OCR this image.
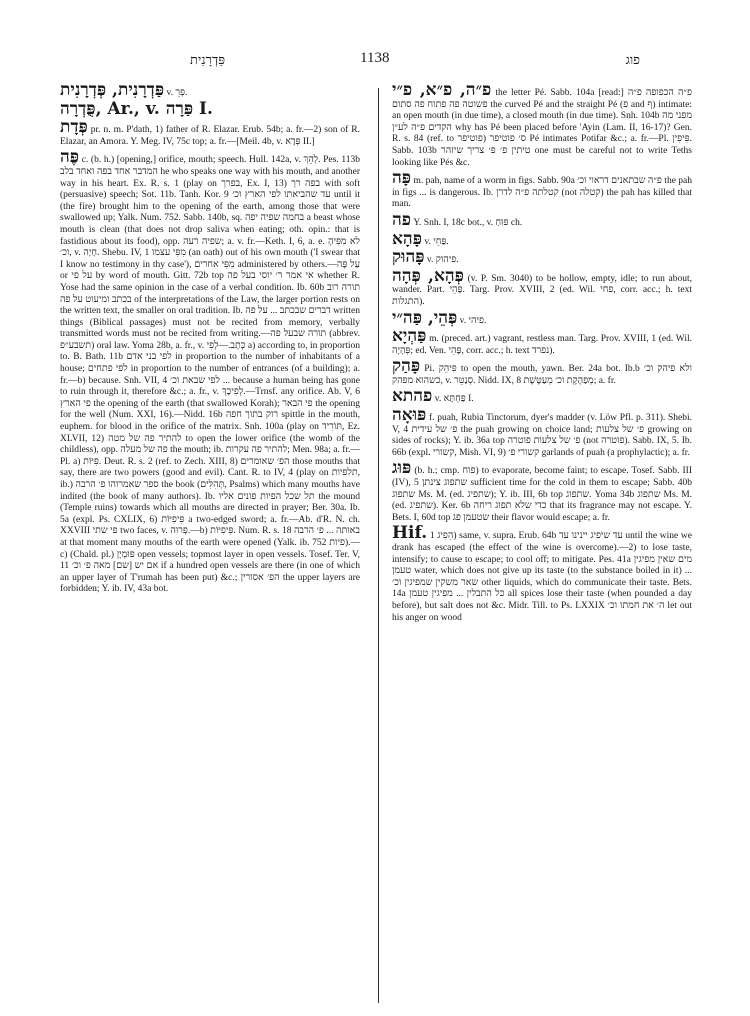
פַּדְרָנִית	1138	פוג
פַּדְרָנִית, פְּדְרָנִית v. פְּרֵ.
פֻּדְרָה, Ar., v. פַּרָה I.
פְּדָת pr. n. m. P'dath, 1) father of R. Elazar. Erub. 54b; a. fr.—2) son of R. Elazar, an Amora. Y. Meg. IV, 75c top; a. fr.—[Meil. 4b, v. פְּדָא II.]
פֶּה c. (b. h.) [opening,] orifice, mouth; speech. Hull. 142a, v. לְהֵךְ. Pes. 113b המדבר אחד בפה ואחד בלב he who speaks one way with his mouth, and another way in his heart. Ex. R. s. 1 (play on בפרך, Ex. I, 13) בפה רך with soft (persuasive) speech; Sot. 11b. Tanh. Kor. 9 עד שהביאתו לפי הארץ וכ׳ until it (the fire) brought him to the opening of the earth, among those that were swallowed up; Yalk. Num. 752. Sabb. 140b, sq. בחמה שפיה יפה a beast whose mouth is clean (that does not drop saliva when eating; oth. opin.: that is fastidious about its food), opp. שפיה רעה; a. v. fr.—Keth. I, 6, a. e. לא מִפִּיהָ וכ׳, v. חָיָה. Shebu. IV, 1 מִפִּי עצמו (an oath) out of his own mouth ('I swear that I know no testimony in thy case'), מִפִּי אחרים administered by others.—עַל פֶּה or על פי by word of mouth. Gitt. 72b top אי אמר ר׳ יוסי בעל פה whether R. Yose had the same opinion in the case of a verbal condition. Ib. 60b תורה רוב בכתב ומיעוט על פה of the interpretations of the Law, the larger portion rests on the written text, the smaller on oral tradition. Ib. דברים שבכתב ... על פה written things (Biblical passages) must not be recited from memory, verbally transmitted words must not be recited from writing.—תורה שבעל פה (abbrev. תשבע״פ) oral law. Yoma 28b, a. fr., v. כְּתָב.—לְפִי a) according to, in proportion to. B. Bath. 11b לפי בני אדם in proportion to the number of inhabitants of a house; לפי פתחים in proportion to the number of entrances (of a building); a. fr.—b) because. Snh. VII, 4 לפי שבאת וכ׳ ... because a human being has gone to ruin through it, therefore &c.; a. fr., v. לְפִיכָךְ.—Trnsf. any orifice. Ab. V, 6 פי הארץ the opening of the earth (that swallowed Korah); פי הבאר the opening for the well (Num. XXI, 16).—Nidd. 16b רוק בתוך חפה spittle in the mouth, euphem. for blood in the orifice of the matrix. Snh. 100a (play on תּוֹרִיד, Ez. XLVII, 12) להתיר פה של מטה to open the lower orifice (the womb of the childless), opp. פה של מעלה the mouth; ib. להתיר פה עקרות; Men. 98a; a. fr.—Pl. a) פִּיּוֹת. Deut. R. s. 2 (ref. to Zech. XIII, 8) הפ׳ שאומרים those mouths that say, there are two powers (good and evil). Cant. R. to IV, 4 (play on תלפיות, ib.) ספר שאמרוהו פ׳ הרבה the book (תְּהִלִּים, Psalms) which many mouths have indited (the book of many authors). Ib. תל שכל הפיות פונים אליו the mound (Temple ruins) towards which all mouths are directed in prayer; Ber. 30a. Ib. 5a (expl. Ps. CXLIX, 6) פִּיפִיּוֹת a two-edged sword; a. fr.—Ab. d'R. N. ch. XXVIII פי שתי two faces, v. פְּרוּה.—b) פִּיפִיּוֹת. Num. R. s. 18 באותה ... פ׳ הרבה at that moment many mouths of the earth were opened (Yalk. ib. 752 פיות).—c) (Chald. pl.) פּוּמְיָן open vessels; topmost layer in open vessels. Tosef. Ter. V, 11 אם יש [שם] מאה פ׳ וכ׳ if a hundred open vessels are there (in one of which an upper layer of T'rumah has been put) &c.; הפ׳ אסורין the upper layers are forbidden; Y. ib. IV, 43a bot.
פ״ה, פ״א, פ״י the letter Pé. Sabb. 104a [read:] פ״ה הכפופה פ״ה פשוטה פה פתוח פה סתום the curved Pé and the straight Pé (פ and ף) intimate: an open mouth (in due time), a closed mouth (in due time). Snh. 104b מפני מה הקדים פ״ה לע״ן why has Pé been placed before 'Ayin (Lam. II, 16-17)? Gen. R. s. 84 (ref. to פוטיפר) ס׳ פוטיפר Pé intimates Potifar &c.; a. fr.—Pl. פִּיפִין. Sabb. 103b טיתין פ׳ פּ׳ צריך שיזהר one must be careful not to write Teths looking like Pés &c.
פָּה m. pah, name of a worm in figs. Sabb. 90a פ״ה שבתאנים דראוי וכ׳ the pah in figs ... is dangerous. Ib. קטלתה פ״ה לדרן (not קטלה) the pah has killed that man.
פה Y. Snh. I, 18c bot., v. פּוּחַ ch.
פָּהָא v. פַּחֵי.
פָּהוּק v. פיהוק.
פְּהָא, פְּהָה (v. P. Sm. 3040) to be hollow, empty, idle; to run about, wander. Part. פָּהֵי. Targ. Prov. XVIII, 2 (ed. Wil. פחי, corr. acc.; h. text התגלות).
פְּהֵי, פַּה״י v. פיהי.
פַּהְיָא m. (preced. art.) vagrant, restless man. Targ. Prov. XVIII, 1 (ed. Wil. פְּהָיָה; ed. Ven. פָּהֵי, corr. acc.; h. text נפרד).
פָּהַק Pi. פִּיהֵק to open the mouth, yawn. Ber. 24a bot. Ib.b ולא פיהק וכ׳ כשהוא מפהק, v. סְנַטֵּר. Nidd. IX, 8 מְפַהֶקֶת וכ׳ מְעַטֶּשֶׁת; a. fr.
פהתא v. פַּחְתָּא I.
פּוּאָה f. puah, Rubia Tinctorum, dyer's madder (v. Löw Pfl. p. 311). Shebi. V, 4 פ׳ של עידית the puah growing on choice land; פ׳ של צלעות growing on sides of rocks); Y. ib. 36a top פ׳ של צלעות פוטרה (not פוטרה). Sabb. IX, 5. Ib. 66b (expl. קשורי, Mish. VI, 9) קשורי פ׳ garlands of puah (a prophylactic); a. fr.
פּוּג (b. h.; cmp. פוח) to evaporate, become faint; to escape. Tosef. Sabb. III (IV), 5 שתפוג צינתן sufficient time for the cold in them to escape; Sabb. 40b שתפוג Ms. M. (ed. שתפיג); Y. ib. III, 6b top שתפוג. Yoma 34b שתפוג Ms. M. (ed. שתפיג). Ker. 6b כדי שלא תפוג ריחה that its fragrance may not escape. Y. Bets. I, 60d top שטעמן פג their flavor would escape; a. fr.
Hif. הֵפִיג 1) same, v. supra. Erub. 64b עד שיפיג יינינו עד until the wine we drank has escaped (the effect of the wine is overcome).—2) to lose taste, intensify; to cause to escape; to cool off; to mitigate. Pes. 41a מים שאין מפיגין טעמן water, which does not give up its taste (to the substance boiled in it) ... שאר משקין שמפיגין וכ׳ other liquids, which do communicate their taste. Bets. 14a כל התבלין ... מפיגין טעמן all spices lose their taste (when pounded a day before), but salt does not &c. Midr. Till. to Ps. LXXIX ה׳ את חמתו וכ׳ let out his anger on wood
